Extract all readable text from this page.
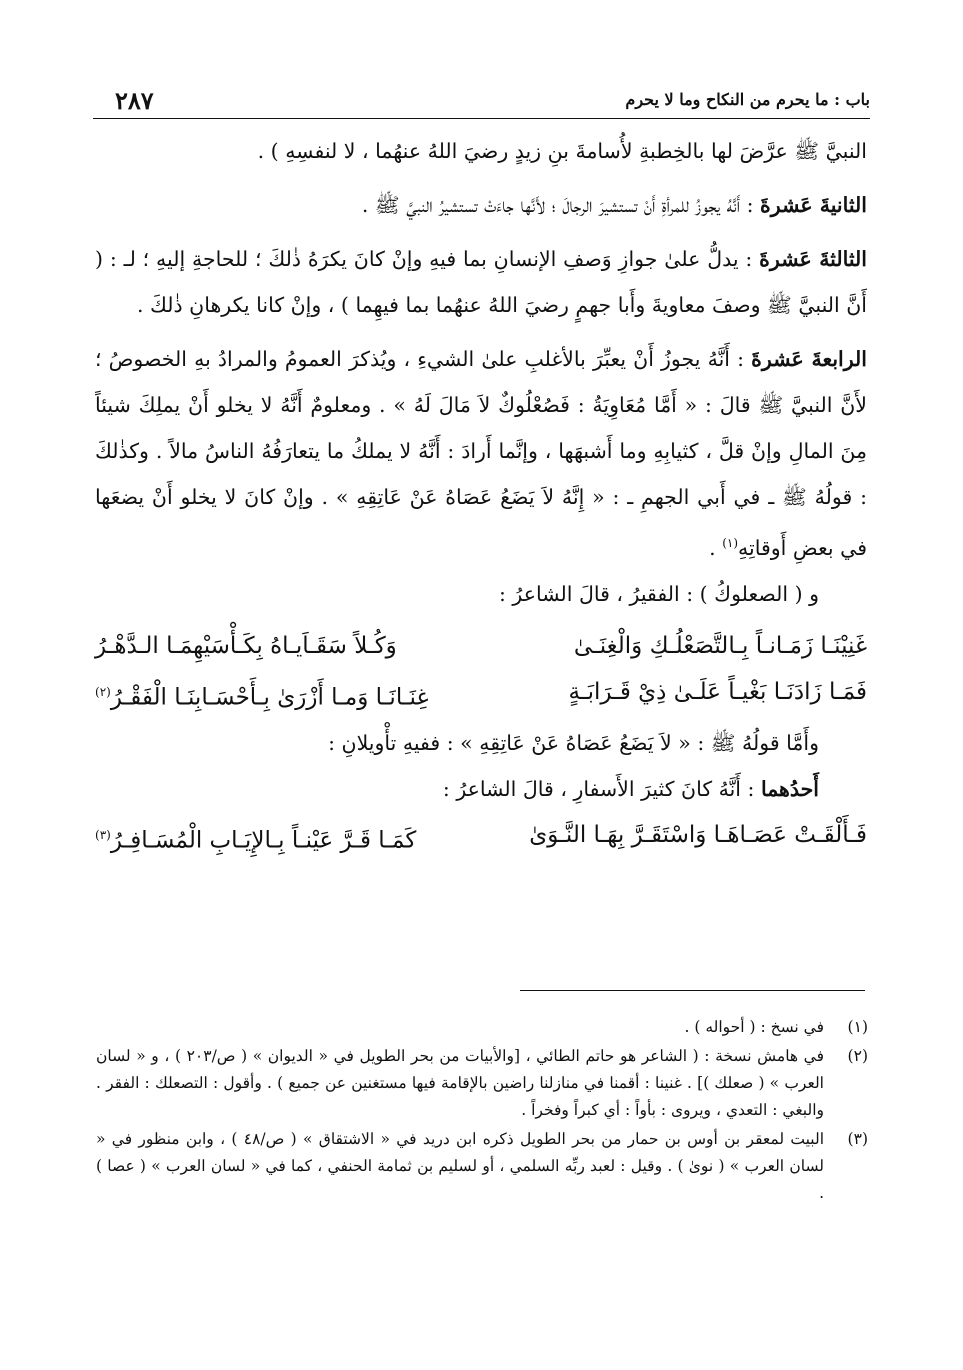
باب : ما يحرم من النكاح وما لا يحرم
٢٨٧

النبيَّ ﷺ عرَّضَ لها بالخِطبةِ لأُسامةَ بنِ زيدٍ رضيَ اللهُ عنهُما ، لا لنفسِهِ ) .

الثانيةَ عَشرةَ : أَنَّهُ يجوزُ للمرأةِ أَنْ تستشيرَ الرجالَ ؛ لأَنَّها جاءَتْ تستشيرُ النبيَّ ﷺ .

الثالثةَ عَشرةَ : يدلُّ علىٰ جوازِ وَصفِ الإنسانِ بما فيهِ وإنْ كانَ يكرَهُ ذٰلكَ ؛ للحاجةِ إليهِ ؛ لـ : ( أَنَّ النبيَّ ﷺ وصفَ معاويةَ وأَبا جهمٍ رضيَ اللهُ عنهُما بما فيهِما ) ، وإنْ كانا يكرهانِ ذٰلكَ .

الرابعةَ عَشرةَ : أَنَّهُ يجوزُ أَنْ يعبِّرَ بالأغلبِ علىٰ الشيءِ ، ويُذكرَ العمومُ والمرادُ بهِ الخصوصُ ؛ لأَنَّ النبيَّ ﷺ قالَ : « أَمَّا مُعَاوِيَةُ : فَصُعْلُوكٌ لاَ مَالَ لَهُ » . ومعلومٌ أَنَّهُ لا يخلو أَنْ يملِكَ شيئاً مِنَ المالِ وإنْ قلَّ ، كثيابِهِ وما أَشبهَها ، وإنَّما أَرادَ : أَنَّهُ لا يملكُ ما يتعارَفُهُ الناسُ مالاً . وكذٰلكَ : قولُهُ ﷺ ـ في أَبي الجهمِ ـ : « إِنَّهُ لاَ يَضَعُ عَصَاهُ عَنْ عَاتِقِهِ » . وإنْ كانَ لا يخلو أَنْ يضعَها في بعضِ أَوقاتِهِ$^{(١)}$ .

و ( الصعلوكُ ) : الفقيرُ ، قالَ الشاعرُ :

غَنِيْنَـا زَمَـانـاً بِـالتَّصَعْلُـكِ وَالْغِنَـىٰ
وَكُـلاً سَقَـاَيـاهُ بِكَـأْسَيْهِمَـا الـدَّهْـرُ
فَمَـا زَادَنَـا بَغْيـاً عَلَـىٰ ذِيْ قَـرَابَـةٍ
غِنَـانَـا وَمـا أَزْرَىٰ بِـأَحْسَـابِنَـا الْفَقْـرُ$^{(٢)}$

وأَمَّا قولُهُ ﷺ : « لاَ يَضَعُ عَصَاهُ عَنْ عَاتِقِهِ » : ففيهِ تأْويلانِ :

أَحدُهما : أَنَّهُ كانَ كثيرَ الأَسفارِ ، قالَ الشاعرُ :

فَـأَلْقَـتْ عَصَـاهَـا وَاسْتَقَـرَّ بِهَـا النَّـوَىٰ
كَمَـا قَـرَّ عَيْنـاً بِـالإِيَـابِ الْمُسَـافِـرُ$^{(٣)}$
(١)
في نسخ : ( أحواله ) .
(٢)
في هامش نسخة : ( الشاعر هو حاتم الطائي ، [والأبيات من بحر الطويل في « الديوان » ( ص/٢٠٣ ) ، و « لسان العرب » ( صعلك )] . غنينا : أقمنا في منازلنا راضين بالإقامة فيها مستغنين عن جميع ) . وأقول : التصعلك : الفقر . والبغي : التعدي ، ويروى : بأواً : أي كبراً وفخراً .
(٣)
البيت لمعقر بن أوس بن حمار من بحر الطويل ذكره ابن دريد في « الاشتقاق » ( ص/٤٨ ) ، وابن منظور في « لسان العرب » ( نوىٰ ) . وقيل : لعبد ربِّه السلمي ، أو لسليم بن ثمامة الحنفي ، كما في « لسان العرب » ( عصا ) .
